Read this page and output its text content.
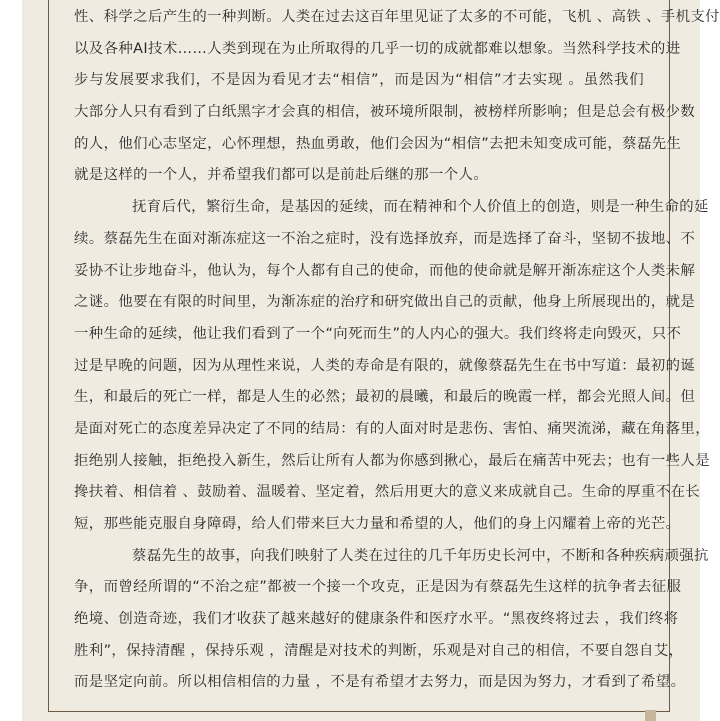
性、科学之后产生的一种判断。人类在过去这百年里见证了太多的不可能，飞机 、高铁 、手机支付
以及各种AI技术……人类到现在为止所取得的几乎一切的成就都难以想象。当然科学技术的进
步与发展要求我们，不是因为看见才去“相信”，而是因为“相信”才去实现 。虽然我们
大部分人只有看到了白纸黑字才会真的相信，被环境所限制，被榜样所影响；但是总会有极少数
的人，他们心志坚定，心怀理想，热血勇敢，他们会因为“相信”去把未知变成可能，蔡磊先生
就是这样的一个人，并希望我们都可以是前赴后继的那一个人。
抚育后代，繁衍生命，是基因的延续，而在精神和个人价值上的创造，则是一种生命的延
续。蔡磊先生在面对渐冻症这一不治之症时，没有选择放弃，而是选择了奋斗，坚韧不拔地、不
妥协不让步地奋斗，他认为，每个人都有自己的使命，而他的使命就是解开渐冻症这个人类未解
之谜。他要在有限的时间里，为渐冻症的治疗和研究做出自己的贡献，他身上所展现出的，就是
一种生命的延续，他让我们看到了一个“向死而生”的人内心的强大。我们终将走向毁灭，只不
过是早晚的问题，因为从理性来说，人类的寿命是有限的，就像蔡磊先生在书中写道：最初的诞
生，和最后的死亡一样，都是人生的必然；最初的晨曦，和最后的晚霞一样，都会光照人间。但
是面对死亡的态度差异决定了不同的结局：有的人面对时是悲伤、害怕、痛哭流涕，藏在角落里，
拒绝别人接触，拒绝投入新生，然后让所有人都为你感到揪心，最后在痛苦中死去；也有一些人是
搀扶着、相信着 、鼓励着、温暖着、坚定着，然后用更大的意义来成就自己。生命的厚重不在长
短，那些能克服自身障碍，给人们带来巨大力量和希望的人，他们的身上闪耀着上帝的光芒。
蔡磊先生的故事，向我们映射了人类在过往的几千年历史长河中，不断和各种疾病顽强抗
争，而曾经所谓的“不治之症”都被一个接一个攻克，正是因为有蔡磊先生这样的抗争者去征服
绝境、创造奇迹，我们才收获了越来越好的健康条件和医疗水平。“黑夜终将过去 ，我们终将
胜利”，保持清醒 ，保持乐观 ，清醒是对技术的判断，乐观是对自己的相信，不要自怨自艾，
而是坚定向前。所以相信相信的力量 ，不是有希望才去努力，而是因为努力，才看到了希望。
